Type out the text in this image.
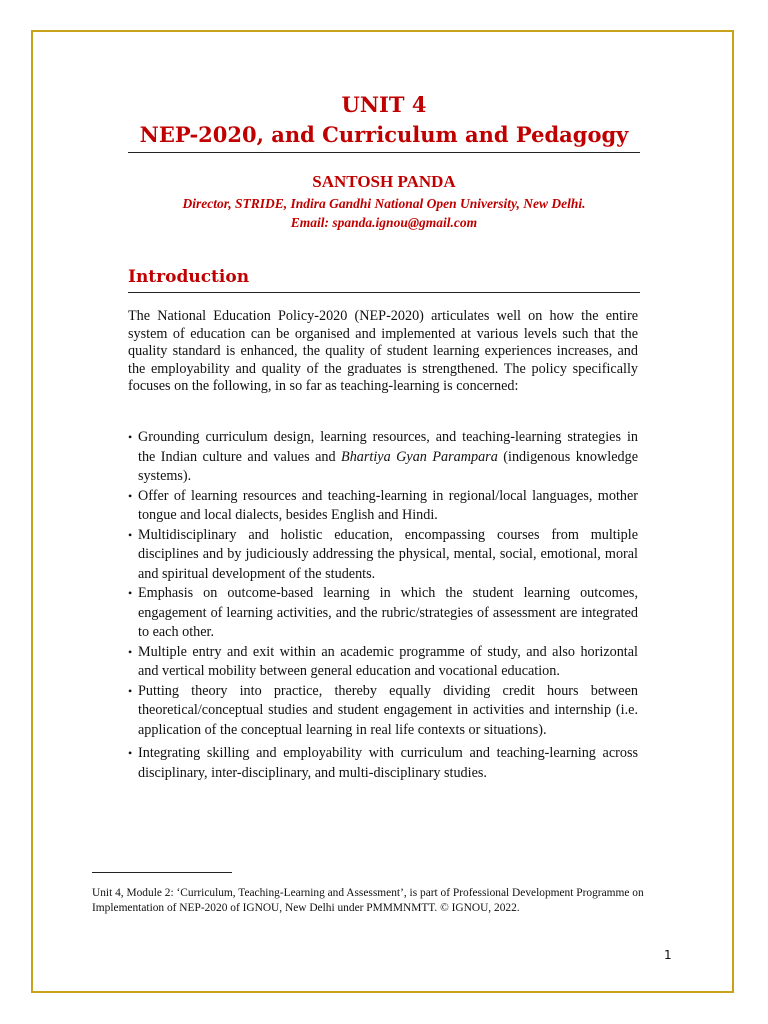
UNIT 4
NEP-2020, and Curriculum and Pedagogy
SANTOSH PANDA
Director, STRIDE, Indira Gandhi National Open University, New Delhi.
Email: spanda.ignou@gmail.com
Introduction

The National Education Policy-2020 (NEP-2020) articulates well on how the entire system of education can be organised and implemented at various levels such that the quality standard is enhanced, the quality of student learning experiences increases, and the employability and quality of the graduates is strengthened. The policy specifically focuses on the following, in so far as teaching-learning is concerned:

• Grounding curriculum design, learning resources, and teaching-learning strategies in the Indian culture and values and Bhartiya Gyan Parampara (indigenous knowledge systems).
• Offer of learning resources and teaching-learning in regional/local languages, mother tongue and local dialects, besides English and Hindi.
• Multidisciplinary and holistic education, encompassing courses from multiple disciplines and by judiciously addressing the physical, mental, social, emotional, moral and spiritual development of the students.
• Emphasis on outcome-based learning in which the student learning outcomes, engagement of learning activities, and the rubric/strategies of assessment are integrated to each other.
• Multiple entry and exit within an academic programme of study, and also horizontal and vertical mobility between general education and vocational education.
• Putting theory into practice, thereby equally dividing credit hours between theoretical/conceptual studies and student engagement in activities and internship (i.e. application of the conceptual learning in real life contexts or situations).
• Integrating skilling and employability with curriculum and teaching-learning across disciplinary, inter-disciplinary, and multi-disciplinary studies.

Unit 4, Module 2: ‘Curriculum, Teaching-Learning and Assessment’, is part of Professional Development Programme on Implementation of NEP-2020 of IGNOU, New Delhi under PMMMNMTT. © IGNOU, 2022.

1
